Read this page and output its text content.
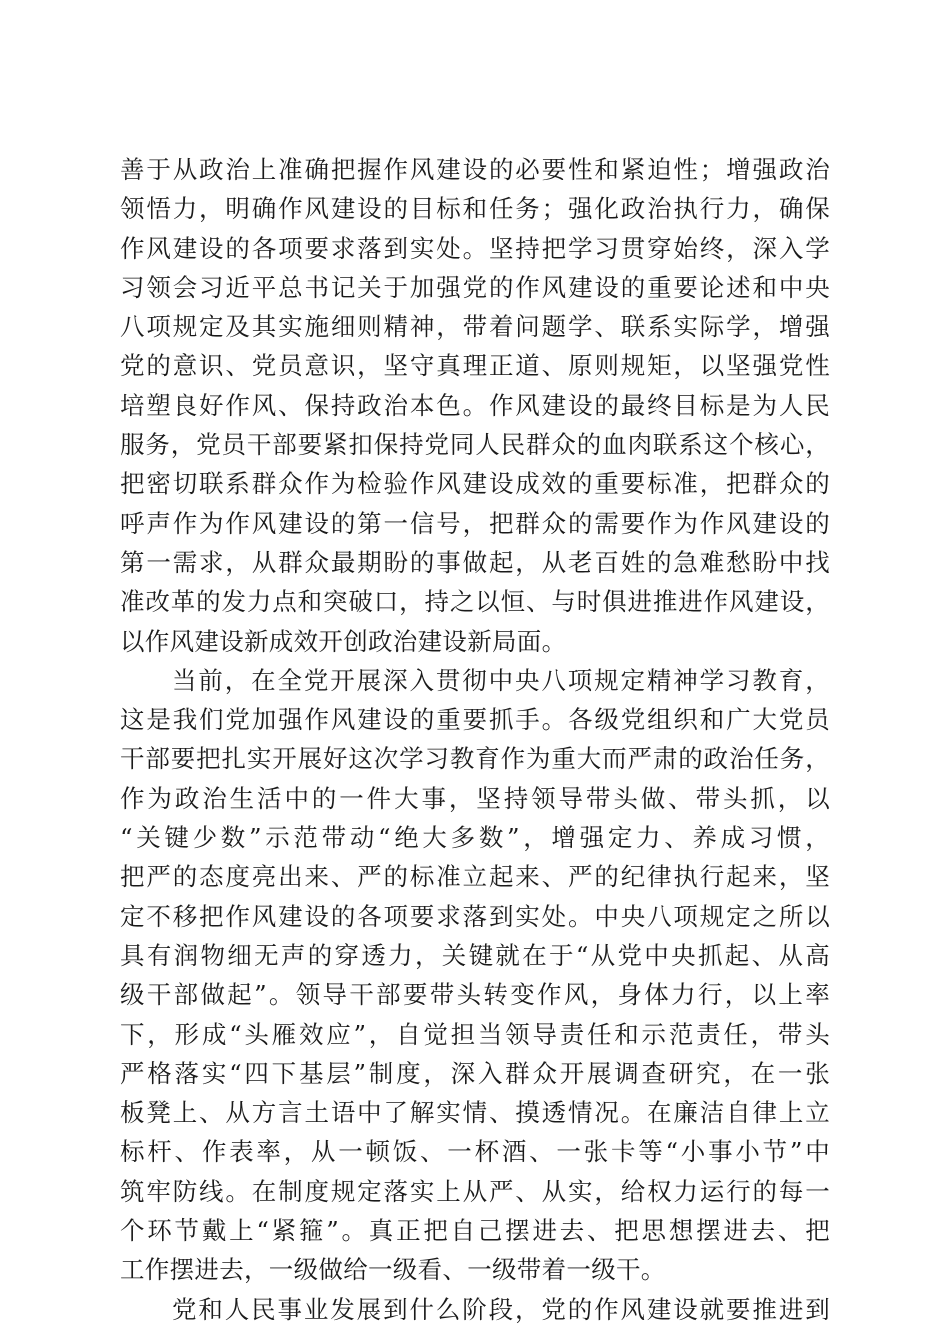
善于从政治上准确把握作风建设的必要性和紧迫性；增强政治
领悟力，明确作风建设的目标和任务；强化政治执行力，确保
作风建设的各项要求落到实处。坚持把学习贯穿始终，深入学
习领会习近平总书记关于加强党的作风建设的重要论述和中央
八项规定及其实施细则精神，带着问题学、联系实际学，增强
党的意识、党员意识，坚守真理正道、原则规矩，以坚强党性
培塑良好作风、保持政治本色。作风建设的最终目标是为人民
服务，党员干部要紧扣保持党同人民群众的血肉联系这个核心，
把密切联系群众作为检验作风建设成效的重要标准，把群众的
呼声作为作风建设的第一信号，把群众的需要作为作风建设的
第一需求，从群众最期盼的事做起，从老百姓的急难愁盼中找
准改革的发力点和突破口，持之以恒、与时俱进推进作风建设，
以作风建设新成效开创政治建设新局面。
当前，在全党开展深入贯彻中央八项规定精神学习教育，
这是我们党加强作风建设的重要抓手。各级党组织和广大党员
干部要把扎实开展好这次学习教育作为重大而严肃的政治任务，
作为政治生活中的一件大事，坚持领导带头做、带头抓，以
“关键少数”示范带动“绝大多数”，增强定力、养成习惯，
把严的态度亮出来、严的标准立起来、严的纪律执行起来，坚
定不移把作风建设的各项要求落到实处。中央八项规定之所以
具有润物细无声的穿透力，关键就在于“从党中央抓起、从高
级干部做起”。领导干部要带头转变作风，身体力行，以上率
下，形成“头雁效应”，自觉担当领导责任和示范责任，带头
严格落实“四下基层”制度，深入群众开展调查研究，在一张
板凳上、从方言土语中了解实情、摸透情况。在廉洁自律上立
标杆、作表率，从一顿饭、一杯酒、一张卡等“小事小节”中
筑牢防线。在制度规定落实上从严、从实，给权力运行的每一
个环节戴上“紧箍”。真正把自己摆进去、把思想摆进去、把
工作摆进去，一级做给一级看、一级带着一级干。
党和人民事业发展到什么阶段，党的作风建设就要推进到
